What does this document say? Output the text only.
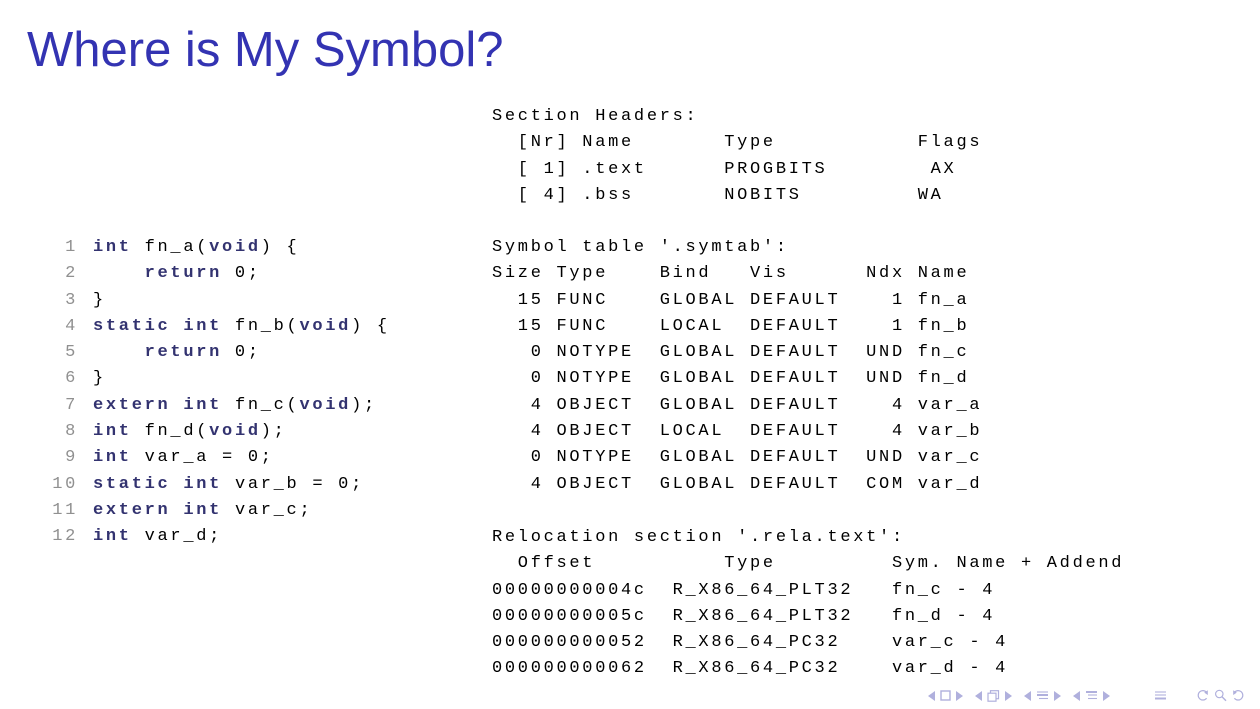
Where is My Symbol?
1 int fn_a(void) {
2	return 0;
3 }
4 static int fn_b(void) {
5	return 0;
6 }
7 extern int fn_c(void);
8 int fn_d(void);
9 int var_a = 0;
10 static int var_b = 0;
11 extern int var_c;
12 int var_d;
Section Headers:
[Nr] Name       Type           Flags
[ 1] .text      PROGBITS        AX
[ 4] .bss       NOBITS         WA
Symbol table '.symtab':
Size Type    Bind   Vis      Ndx Name
15 FUNC    GLOBAL DEFAULT    1 fn_a
15 FUNC    LOCAL  DEFAULT    1 fn_b
0 NOTYPE  GLOBAL DEFAULT  UND fn_c
0 NOTYPE  GLOBAL DEFAULT  UND fn_d
4 OBJECT  GLOBAL DEFAULT    4 var_a
4 OBJECT  LOCAL  DEFAULT    4 var_b
0 NOTYPE  GLOBAL DEFAULT  UND var_c
4 OBJECT  GLOBAL DEFAULT  COM var_d
Relocation section '.rela.text':
Offset          Type         Sym. Name + Addend
00000000004c  R_X86_64_PLT32   fn_c - 4
00000000005c  R_X86_64_PLT32   fn_d - 4
000000000052  R_X86_64_PC32    var_c - 4
000000000062  R_X86_64_PC32    var_d - 4
